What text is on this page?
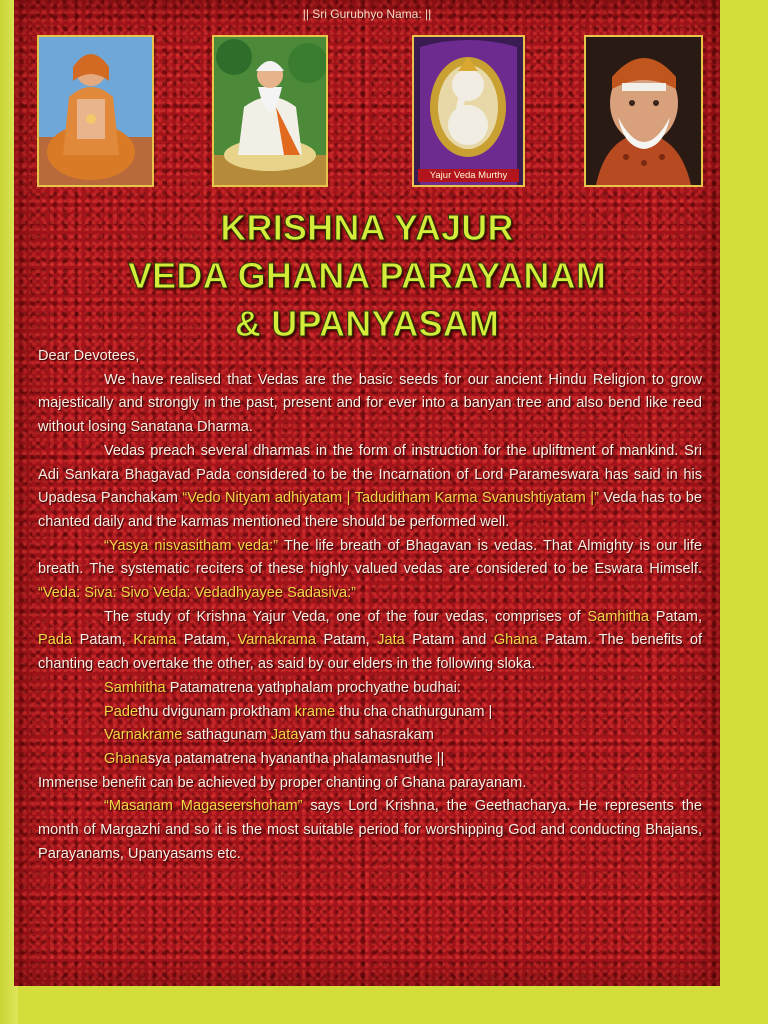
|| Sri Gurubhyo Nama: ||
Yajur Veda Murthy
KRISHNA YAJUR
VEDA GHANA PARAYANAM
& UPANYASAM

Dear Devotees,

We have realised that Vedas are the basic seeds for our ancient Hindu Religion to grow majestically and strongly in the past, present and for ever into a banyan tree and also bend like reed without losing Sanatana Dharma.

Vedas preach several dharmas in the form of instruction for the upliftment of mankind. Sri Adi Sankara Bhagavad Pada considered to be the Incarnation of Lord Parameswara has said in his Upadesa Panchakam “Vedo Nityam adhiyatam | Taduditham Karma Svanushtiyatam |” Veda has to be chanted daily and the karmas mentioned there should be performed well.

“Yasya nisvasitham veda:” The life breath of Bhagavan is vedas. That Almighty is our life breath. The systematic reciters of these highly valued vedas are considered to be Eswara Himself. “Veda: Siva: Sivo Veda: Vedadhyayee Sadasiva:”

The study of Krishna Yajur Veda, one of the four vedas, comprises of Samhitha Patam, Pada Patam, Krama Patam, Varnakrama Patam, Jata Patam and Ghana Patam. The benefits of chanting each overtake the other, as said by our elders in the following sloka.

Samhitha Patamatrena yathphalam prochyathe budhai:

Padethu dvigunam proktham krame thu cha chathurgunam |

Varnakrame sathagunam Jatayam thu sahasrakam

Ghanasya patamatrena hyanantha phalamasnuthe ||

Immense benefit can be achieved by proper chanting of Ghana parayanam.

“Masanam Magaseershoham” says Lord Krishna, the Geethacharya. He represents the month of Margazhi and so it is the most suitable period for worshipping God and conducting Bhajans, Parayanams, Upanyasams etc.
